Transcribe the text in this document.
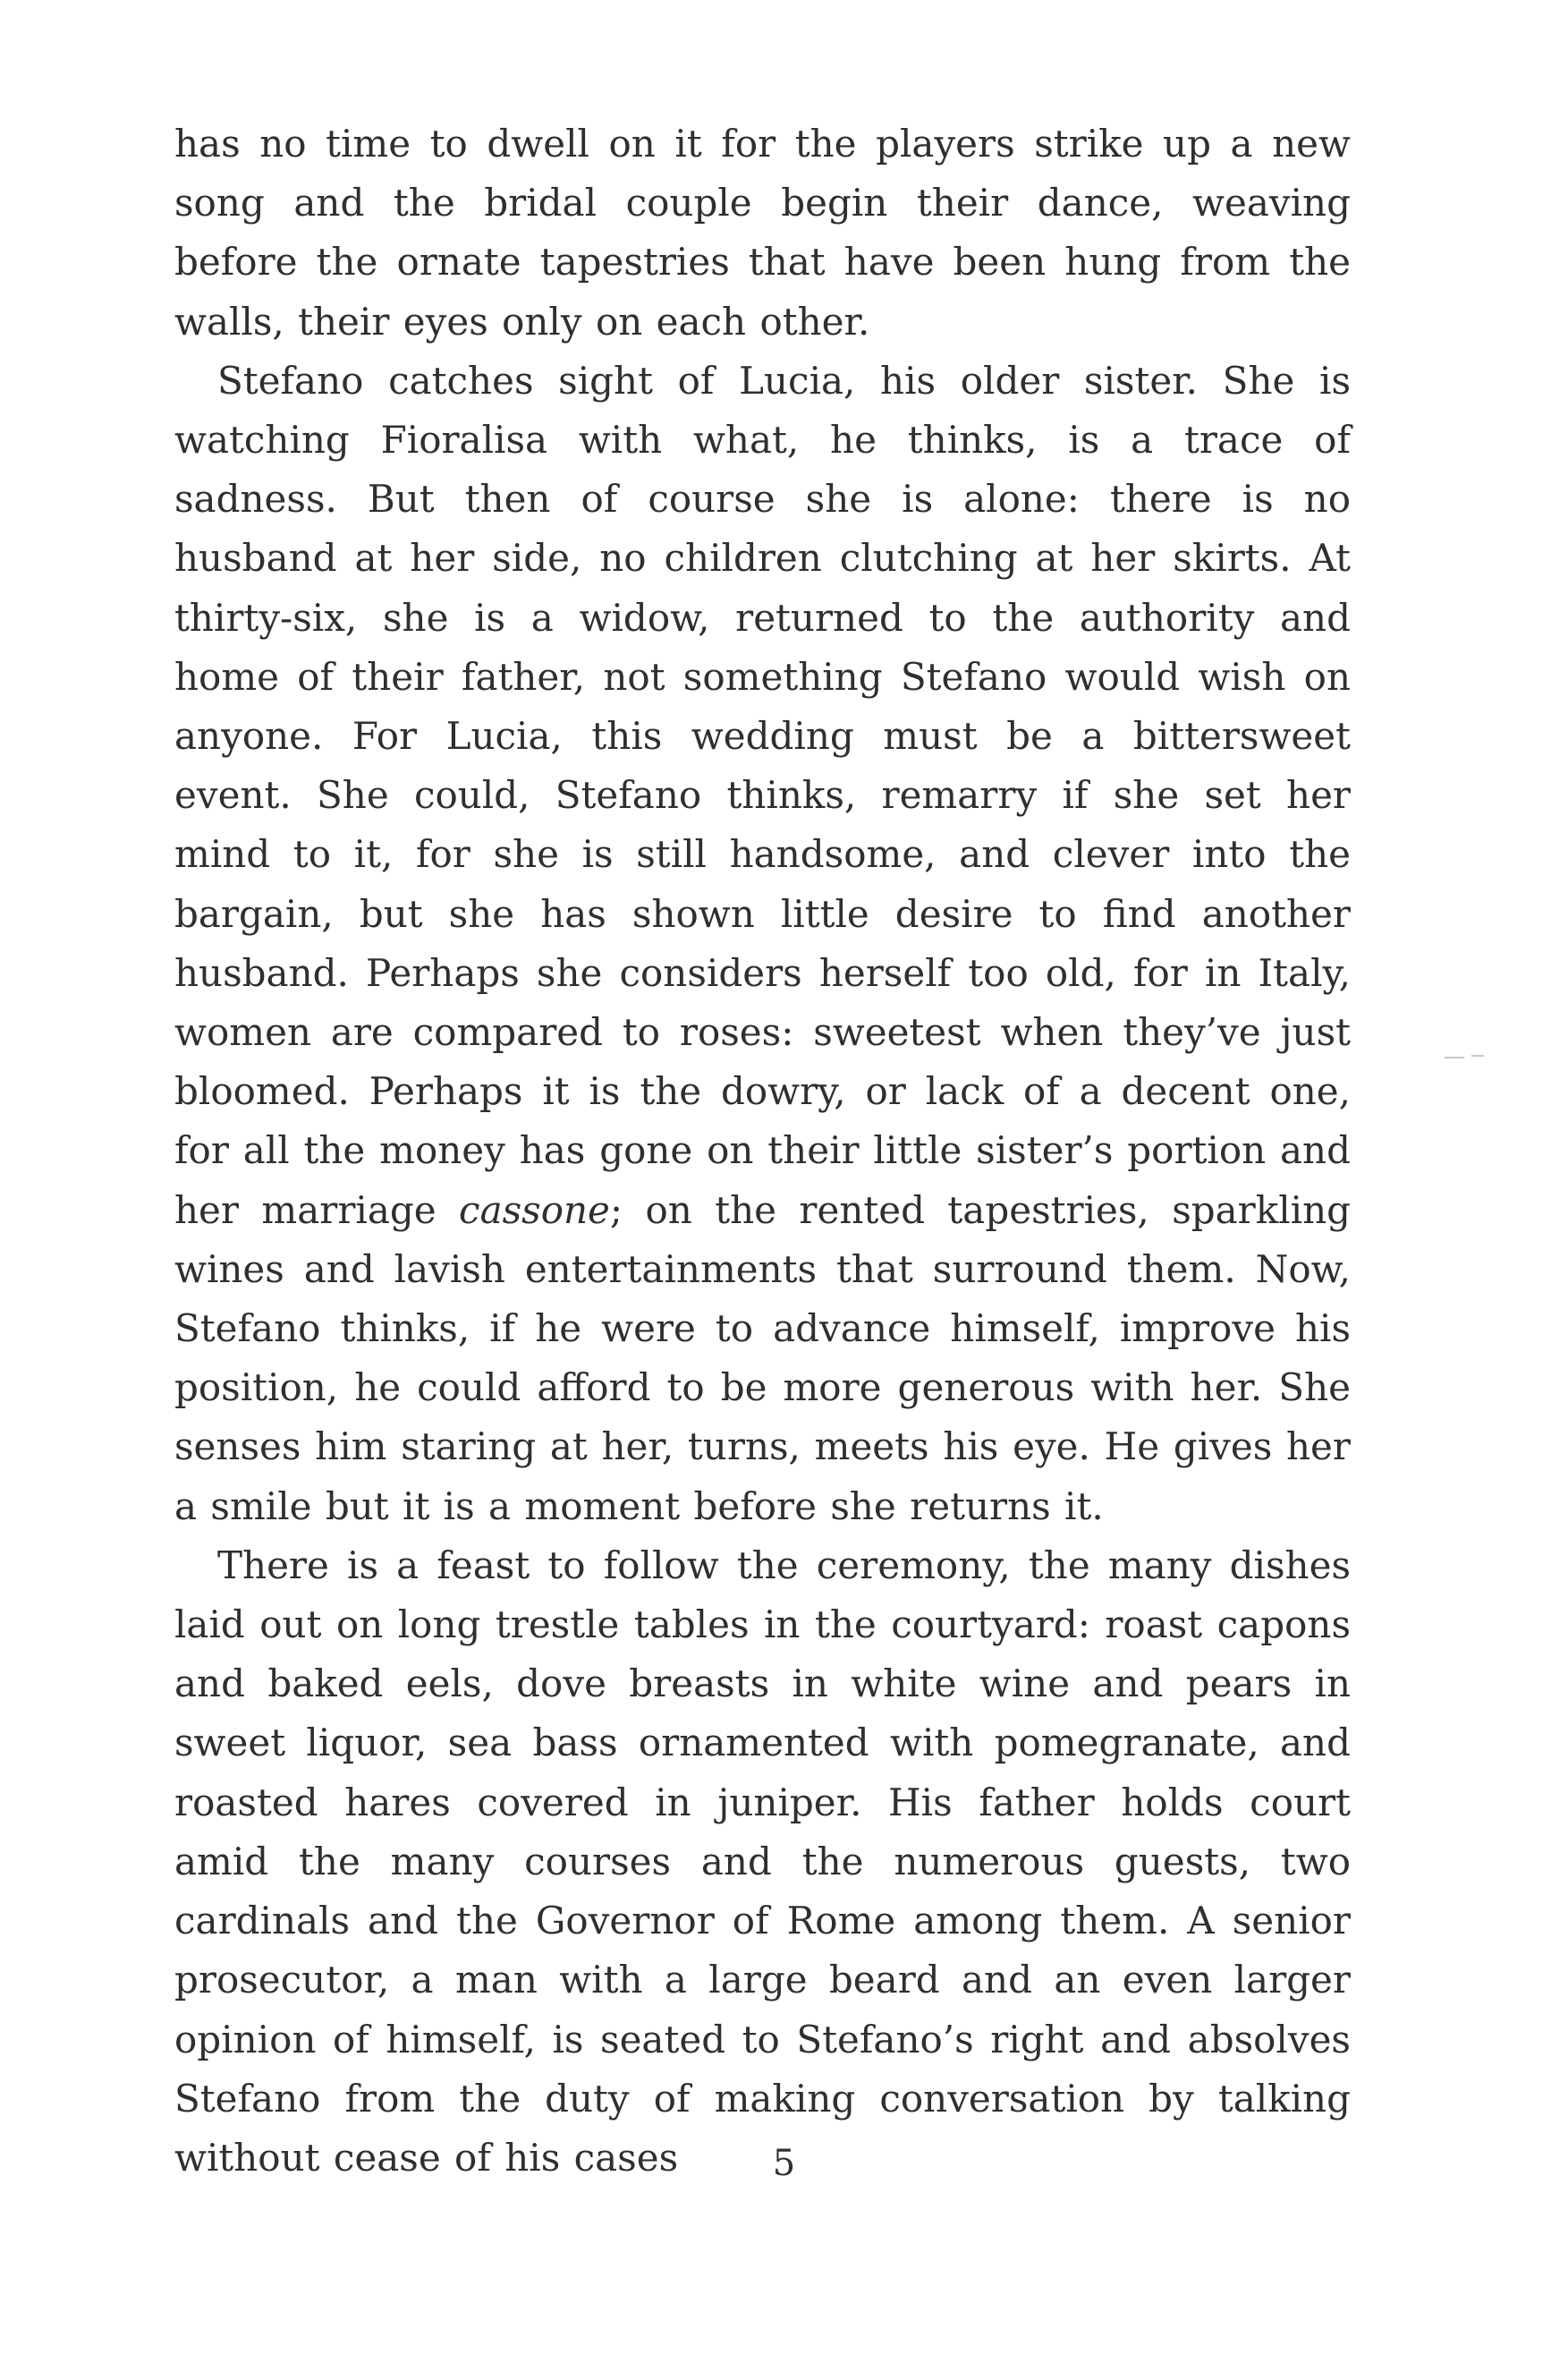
has no time to dwell on it for the players strike up a new song and the bridal couple begin their dance, weaving before the ornate tapestries that have been hung from the walls, their eyes only on each other.

Stefano catches sight of Lucia, his older sister. She is watching Fioralisa with what, he thinks, is a trace of sadness. But then of course she is alone: there is no husband at her side, no children clutching at her skirts. At thirty-six, she is a widow, returned to the authority and home of their father, not something Stefano would wish on anyone. For Lucia, this wedding must be a bittersweet event. She could, Stefano thinks, remarry if she set her mind to it, for she is still handsome, and clever into the bargain, but she has shown little desire to find another husband. Perhaps she considers herself too old, for in Italy, women are compared to roses: sweetest when they’ve just bloomed. Perhaps it is the dowry, or lack of a decent one, for all the money has gone on their little sister’s portion and her marriage cassone; on the rented tapestries, sparkling wines and lavish entertainments that surround them. Now, Stefano thinks, if he were to advance himself, improve his position, he could afford to be more generous with her. She senses him staring at her, turns, meets his eye. He gives her a smile but it is a moment before she returns it.

There is a feast to follow the ceremony, the many dishes laid out on long trestle tables in the courtyard: roast capons and baked eels, dove breasts in white wine and pears in sweet liquor, sea bass ornamented with pomegranate, and roasted hares covered in juniper. His father holds court amid the many courses and the numerous guests, two cardinals and the Governor of Rome among them. A senior prosecutor, a man with a large beard and an even larger opinion of himself, is seated to Stefano’s right and absolves Stefano from the duty of making conversation by talking without cease of his cases	5
